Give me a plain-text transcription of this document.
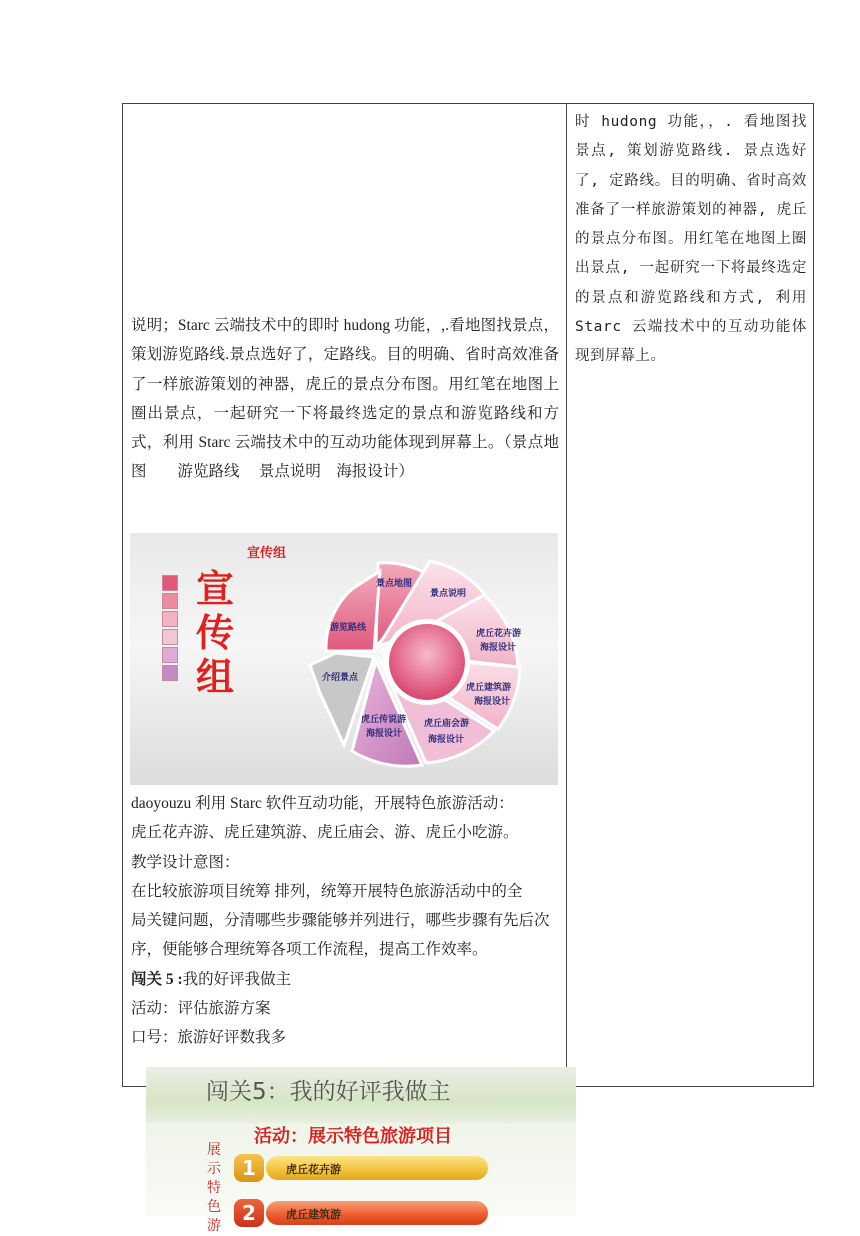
说明；Starc 云端技术中的即时 hudong 功能，,.看地图找景点，策划游览路线.景点选好了，定路线。目的明确、省时高效准备了一样旅游策划的神器，虎丘的景点分布图。用红笔在地图上圈出景点，一起研究一下将最终选定的景点和游览路线和方式，利用 Starc 云端技术中的互动功能体现到屏幕上。（景点地图　　游览路线　 景点说明　海报设计）
宣传组
宣
传
组
景点地图
景点说明
虎丘花卉游
海报设计
虎丘建筑游
海报设计
虎丘庙会游
海报设计
虎丘传说游
海报设计
介绍景点
游览路线
daoyouzu 利用 Starc 软件互动功能，开展特色旅游活动：
虎丘花卉游、虎丘建筑游、虎丘庙会、游、虎丘小吃游。
教学设计意图：
在比较旅游项目统筹 排列，统筹开展特色旅游活动中的全
局关键问题，分清哪些步骤能够并列进行，哪些步骤有先后次
序，便能够合理统筹各项工作流程，提高工作效率。
闯关 5 :我的好评我做主
活动：评估旅游方案
口号：旅游好评数我多
时 hudong 功能，，. 看地图找景点, 策划游览路线. 景点选好了, 定路线。目的明确、省时高效准备了一样旅游策划的神器, 虎丘的景点分布图。用红笔在地图上圈出景点, 一起研究一下将最终选定的景点和游览路线和方式, 利用 Starc 云端技术中的互动功能体现到屏幕上。
闯关5：我的好评我做主
活动：展示特色旅游项目
展示特色游
1	虎丘花卉游
2	虎丘建筑游
